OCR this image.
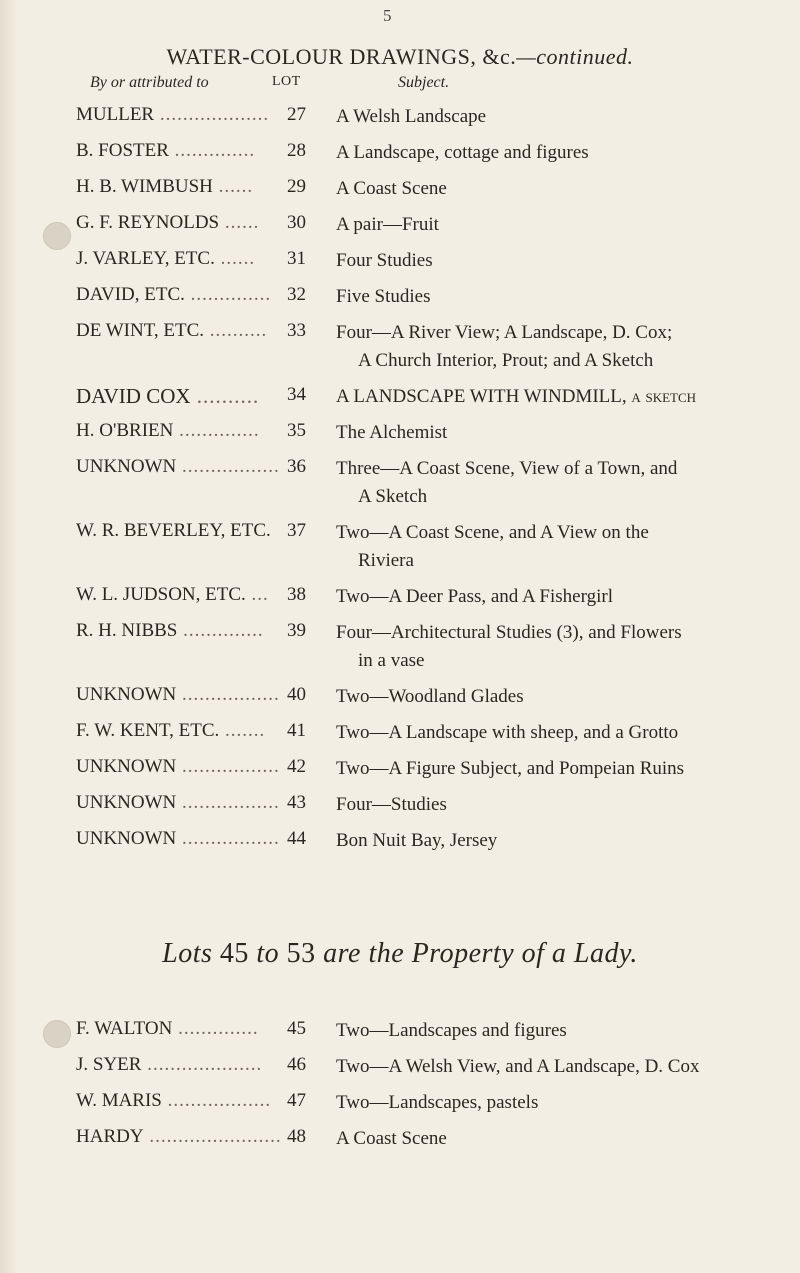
5
WATER-COLOUR DRAWINGS, &c.—continued.
By or attributed to	LOT	Subject.
MULLER ................... 27 A Welsh Landscape
B. FOSTER ..............	28 A Landscape, cottage and figures
H. B. WIMBUSH ......	29 A Coast Scene
G. F. REYNOLDS ......	30 A pair—Fruit
J. VARLEY, ETC. ......	31 Four Studies
DAVID, ETC. .............. 32 Five Studies
DE WINT, ETC. ..........	33 Four—A River View; A Landscape, D. Cox;
A Church Interior, Prout; and A Sketch
DAVID COX ..........	34 A LANDSCAPE WITH WINDMILL, a sketch
H. O'BRIEN ..............	35 The Alchemist
UNKNOWN ................. 36 Three—A Coast Scene, View of a Town, and
A Sketch
W. R. BEVERLEY, ETC. 37 Two—A Coast Scene, and A View on the
Riviera
W. L. JUDSON, ETC. ... 38 Two—A Deer Pass, and A Fishergirl
R. H. NIBBS ..............	39 Four—Architectural Studies (3), and Flowers
in a vase
UNKNOWN ................. 40 Two—Woodland Glades
F. W. KENT, ETC. .......	41 Two—A Landscape with sheep, and a Grotto
UNKNOWN ................. 42 Two—A Figure Subject, and Pompeian Ruins
UNKNOWN ................. 43 Four—Studies
UNKNOWN ................. 44 Bon Nuit Bay, Jersey
Lots 45 to 53 are the Property of a Lady.
F. WALTON ..............	45 Two—Landscapes and figures
J. SYER ....................	46 Two—A Welsh View, and A Landscape, D. Cox
W. MARIS .................. 47 Two—Landscapes, pastels
HARDY ....................... 48 A Coast Scene
